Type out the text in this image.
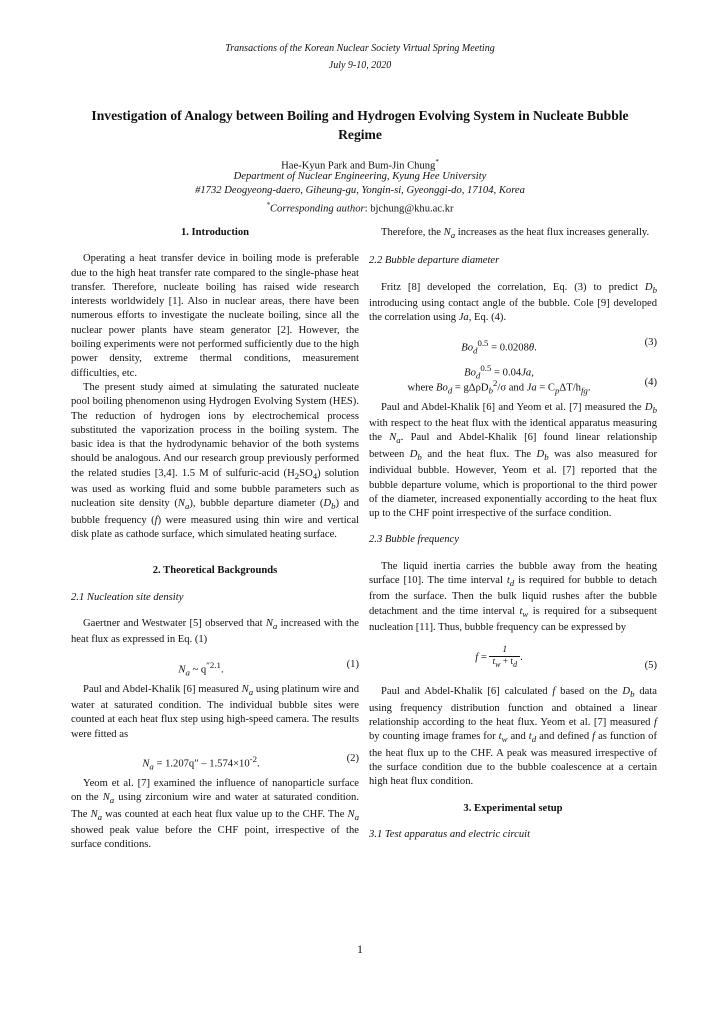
Transactions of the Korean Nuclear Society Virtual Spring Meeting
July 9-10, 2020
Investigation of Analogy between Boiling and Hydrogen Evolving System in Nucleate Bubble Regime
Hae-Kyun Park and Bum-Jin Chung*
Department of Nuclear Engineering, Kyung Hee University
#1732 Deogyeong-daero, Giheung-gu, Yongin-si, Gyeonggi-do, 17104, Korea
*Corresponding author: bjchung@khu.ac.kr
1. Introduction

Operating a heat transfer device in boiling mode is preferable due to the high heat transfer rate compared to the single-phase heat transfer. Therefore, nucleate boiling has raised wide research interests worldwidely [1]. Also in nuclear areas, there have been numerous efforts to investigate the nucleate boiling, since all the nuclear power plants have steam generator [2]. However, the boiling experiments were not performed sufficiently due to the high power density, extreme thermal conditions, measurement difficulties, etc.

The present study aimed at simulating the saturated nucleate pool boiling phenomenon using Hydrogen Evolving System (HES). The reduction of hydrogen ions by electrochemical process substituted the vaporization process in the boiling system. The basic idea is that the hydrodynamic behavior of the both systems should be analogous. And our research group previously performed the related studies [3,4]. 1.5 M of sulfuric-acid $(H_2SO_4)$ solution was used as working fluid and some bubble parameters such as nucleation site density $(N_a)$, bubble departure diameter $(D_b)$ and bubble frequency (f) were measured using thin wire and vertical disk plate as cathode surface, which simulated heating surface.

2. Theoretical Backgrounds
2.1 Nucleation site density

Gaertner and Westwater [5] observed that $N_a$ increased with the heat flux as expressed in Eq. (1)

$N_a$ ~ $q^{''2.1}$.
(1)

Paul and Abdel-Khalik [6] measured $N_a$ using platinum wire and water at saturated condition. The individual bubble sites were counted at each heat flux step using high-speed camera. The results were fitted as

$N_a = 1.207q'' - 1.574\times 10^{-2}$.
(2)

Yeom et al. [7] examined the influence of nanoparticle surface on the $N_a$ using zirconium wire and water at saturated condition. The $N_a$ was counted at each heat flux value up to the CHF. The $N_a$ showed peak value before the CHF point, irrespective of the surface conditions.

Therefore, the $N_a$ increases as the heat flux increases generally.

2.2 Bubble departure diameter

Fritz [8] developed the correlation, Eq. (3) to predict $D_b$ introducing using contact angle of the bubble. Cole [9] developed the correlation using Ja, Eq. (4).

$Bo_d^{0.5} = 0.0208\theta$.
(3)
$Bo_d^{0.5} = 0.04Ja$,
where $Bo_d = g\Delta\rho D_b^2/\sigma$ and $Ja = C_p\Delta T/h_{fg}$.
(4)

Paul and Abdel-Khalik [6] and Yeom et al. [7] measured the $D_b$ with respect to the heat flux with the identical apparatus measuring the $N_a$. Paul and Abdel-Khalik [6] found linear relationship between $D_b$ and the heat flux. The $D_b$ was also measured for individual bubble. However, Yeom et al. [7] reported that the bubble departure volume, which is proportional to the third power of the diameter, increased exponentially according to the heat flux up to the CHF point irrespective of the surface condition.

2.3 Bubble frequency

The liquid inertia carries the bubble away from the heating surface [10]. The time interval $t_d$ is required for bubble to detach from the surface. Then the bulk liquid rushes after the bubble detachment and the time interval $t_w$ is required for a subsequent nucleation [11]. Thus, bubble frequency can be expressed by

$f = \frac{1}{t_w + t_d}$ .
(5)

Paul and Abdel-Khalik [6] calculated f based on the $D_b$ data using frequency distribution function and obtained a linear relationship according to the heat flux. Yeom et al. [7] measured f by counting image frames for $t_w$ and $t_d$ and defined f as function of the heat flux up to the CHF. A peak was measured irrespective of the surface condition due to the bubble coalescence at a certain high heat flux condition.

3. Experimental setup
3.1 Test apparatus and electric circuit
1
